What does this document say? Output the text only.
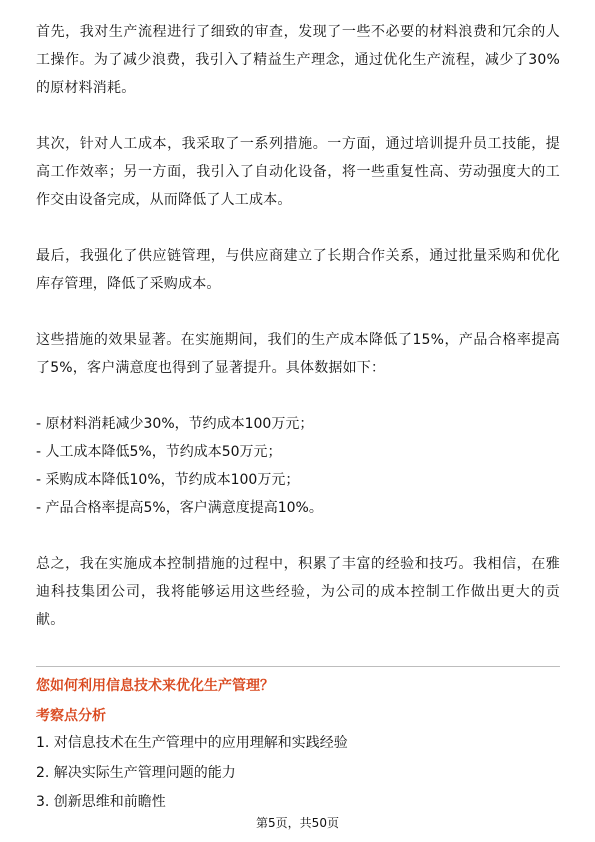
首先，我对生产流程进行了细致的审查，发现了一些不必要的材料浪费和冗余的人工操作。为了减少浪费，我引入了精益生产理念，通过优化生产流程，减少了30%的原材料消耗。

其次，针对人工成本，我采取了一系列措施。一方面，通过培训提升员工技能，提高工作效率；另一方面，我引入了自动化设备，将一些重复性高、劳动强度大的工作交由设备完成，从而降低了人工成本。

最后，我强化了供应链管理，与供应商建立了长期合作关系，通过批量采购和优化库存管理，降低了采购成本。

这些措施的效果显著。在实施期间，我们的生产成本降低了15%，产品合格率提高了5%，客户满意度也得到了显著提升。具体数据如下：

- 原材料消耗减少30%，节约成本100万元；

- 人工成本降低5%，节约成本50万元；

- 采购成本降低10%，节约成本100万元；

- 产品合格率提高5%，客户满意度提高10%。

总之，我在实施成本控制措施的过程中，积累了丰富的经验和技巧。我相信，在雅迪科技集团公司，我将能够运用这些经验，为公司的成本控制工作做出更大的贡献。

您如何利用信息技术来优化生产管理？
考察点分析
1. 对信息技术在生产管理中的应用理解和实践经验
2. 解决实际生产管理问题的能力
3. 创新思维和前瞻性
第5页，共50页
